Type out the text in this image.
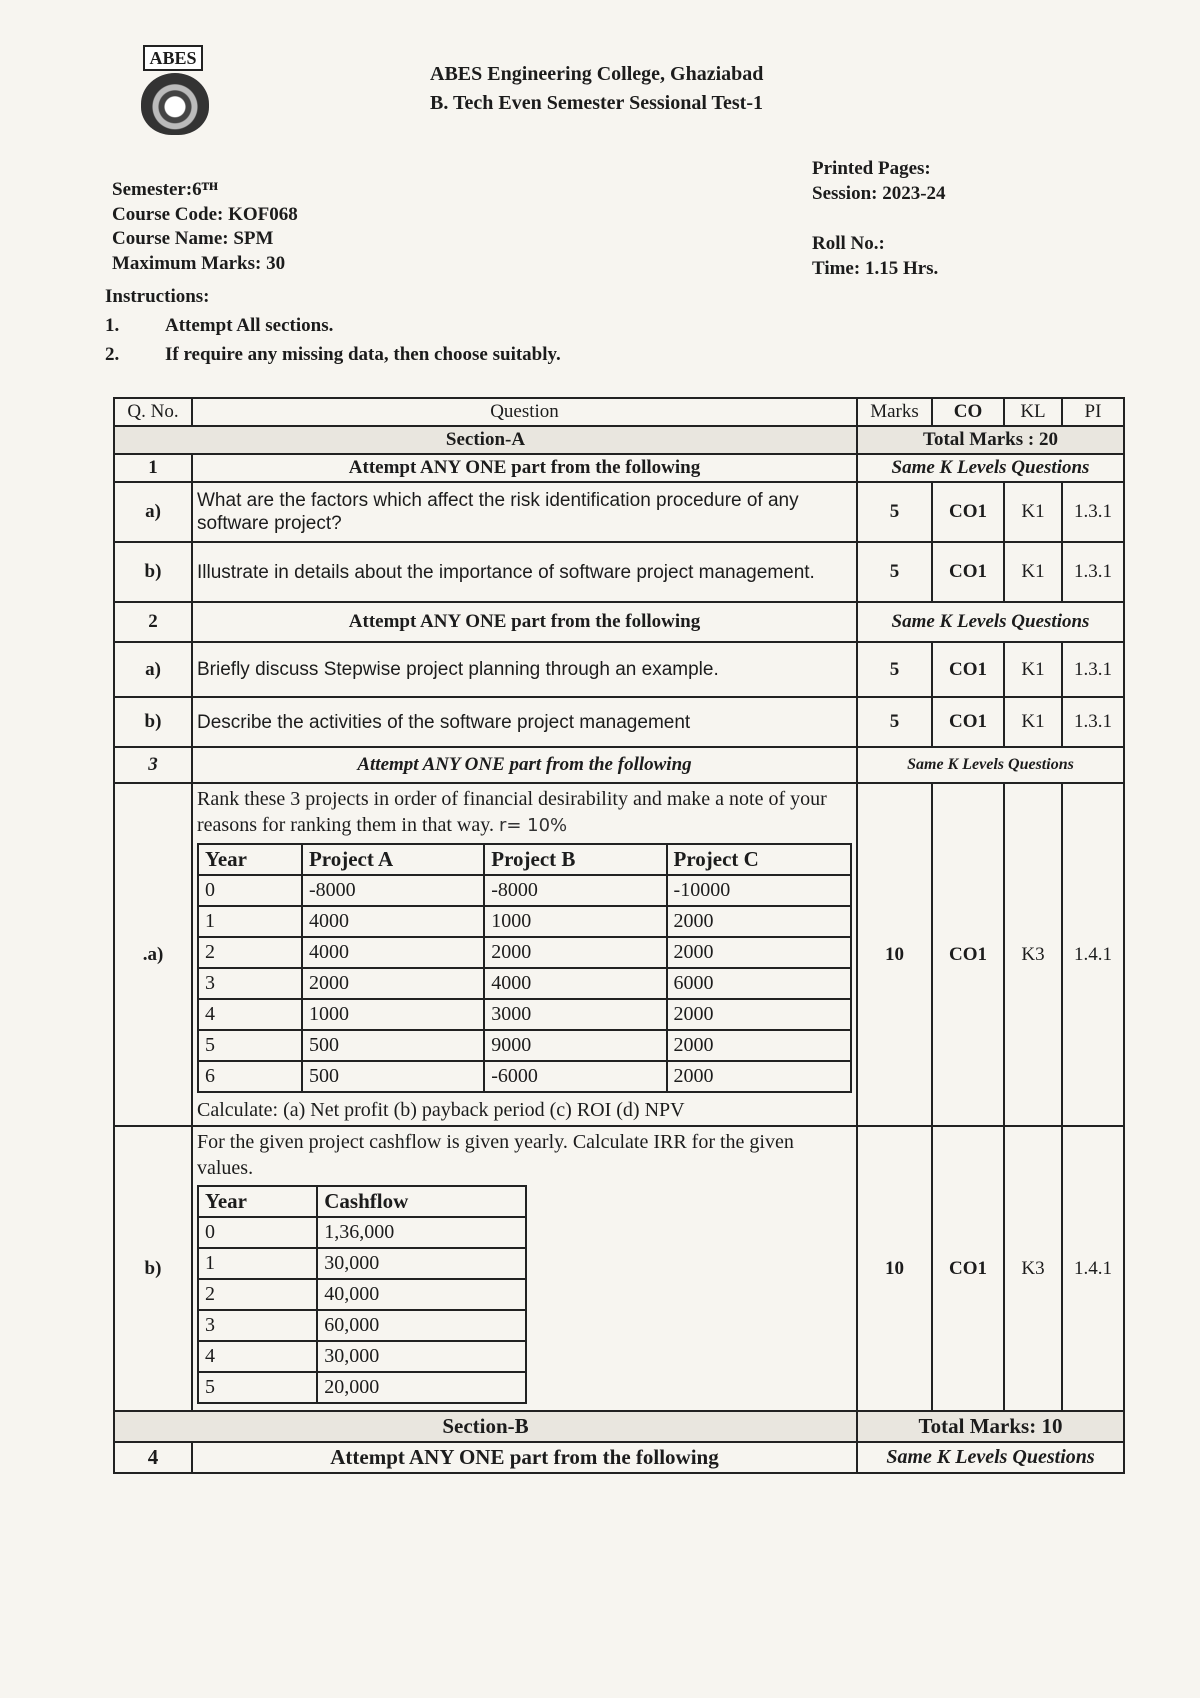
ABES

ABES Engineering College, Ghaziabad
B. Tech Even Semester Sessional Test-1
Semester:6ᵀᴴ
Course Code: KOF068
Course Name: SPM
Maximum Marks: 30
Printed Pages:
Session: 2023-24
Roll No.:
Time: 1.15 Hrs.
Instructions:
1. Attempt All sections.
2. If require any missing data, then choose suitably.
Q. No.	Question	Marks	CO	KL	PI
Section-A	Total Marks : 20
1	Attempt ANY ONE part from the following	Same K Levels Questions
a)	What are the factors which affect the risk identification procedure of any software project?	5	CO1	K1	1.3.1
b)	Illustrate in details about the importance of software project management.	5	CO1	K1	1.3.1
2	Attempt ANY ONE part from the following	Same K Levels Questions
a)	Briefly discuss Stepwise project planning through an example.	5	CO1	K1	1.3.1
b)	Describe the activities of the software project management	5	CO1	K1	1.3.1
3	Attempt ANY ONE part from the following	Same K Levels Questions
.a)	
Rank these 3 projects in order of financial desirability and make a note of your reasons for ranking them in that way. r= 10%
Year	Project A	Project B	Project C
0	-8000	-8000	-10000
1	4000	1000	2000
2	4000	2000	2000
3	2000	4000	6000
4	1000	3000	2000
5	500	9000	2000
6	500	-6000	2000
Calculate: (a) Net profit (b) payback period (c) ROI (d) NPV
	10	CO1	K3	1.4.1
b)	
For the given project cashflow is given yearly. Calculate IRR for the given values.
Year	Cashflow
0	1,36,000
1	30,000
2	40,000
3	60,000
4	30,000
5	20,000
	10	CO1	K3	1.4.1
Section-B	Total Marks: 10
4	Attempt ANY ONE part from the following	Same K Levels Questions
